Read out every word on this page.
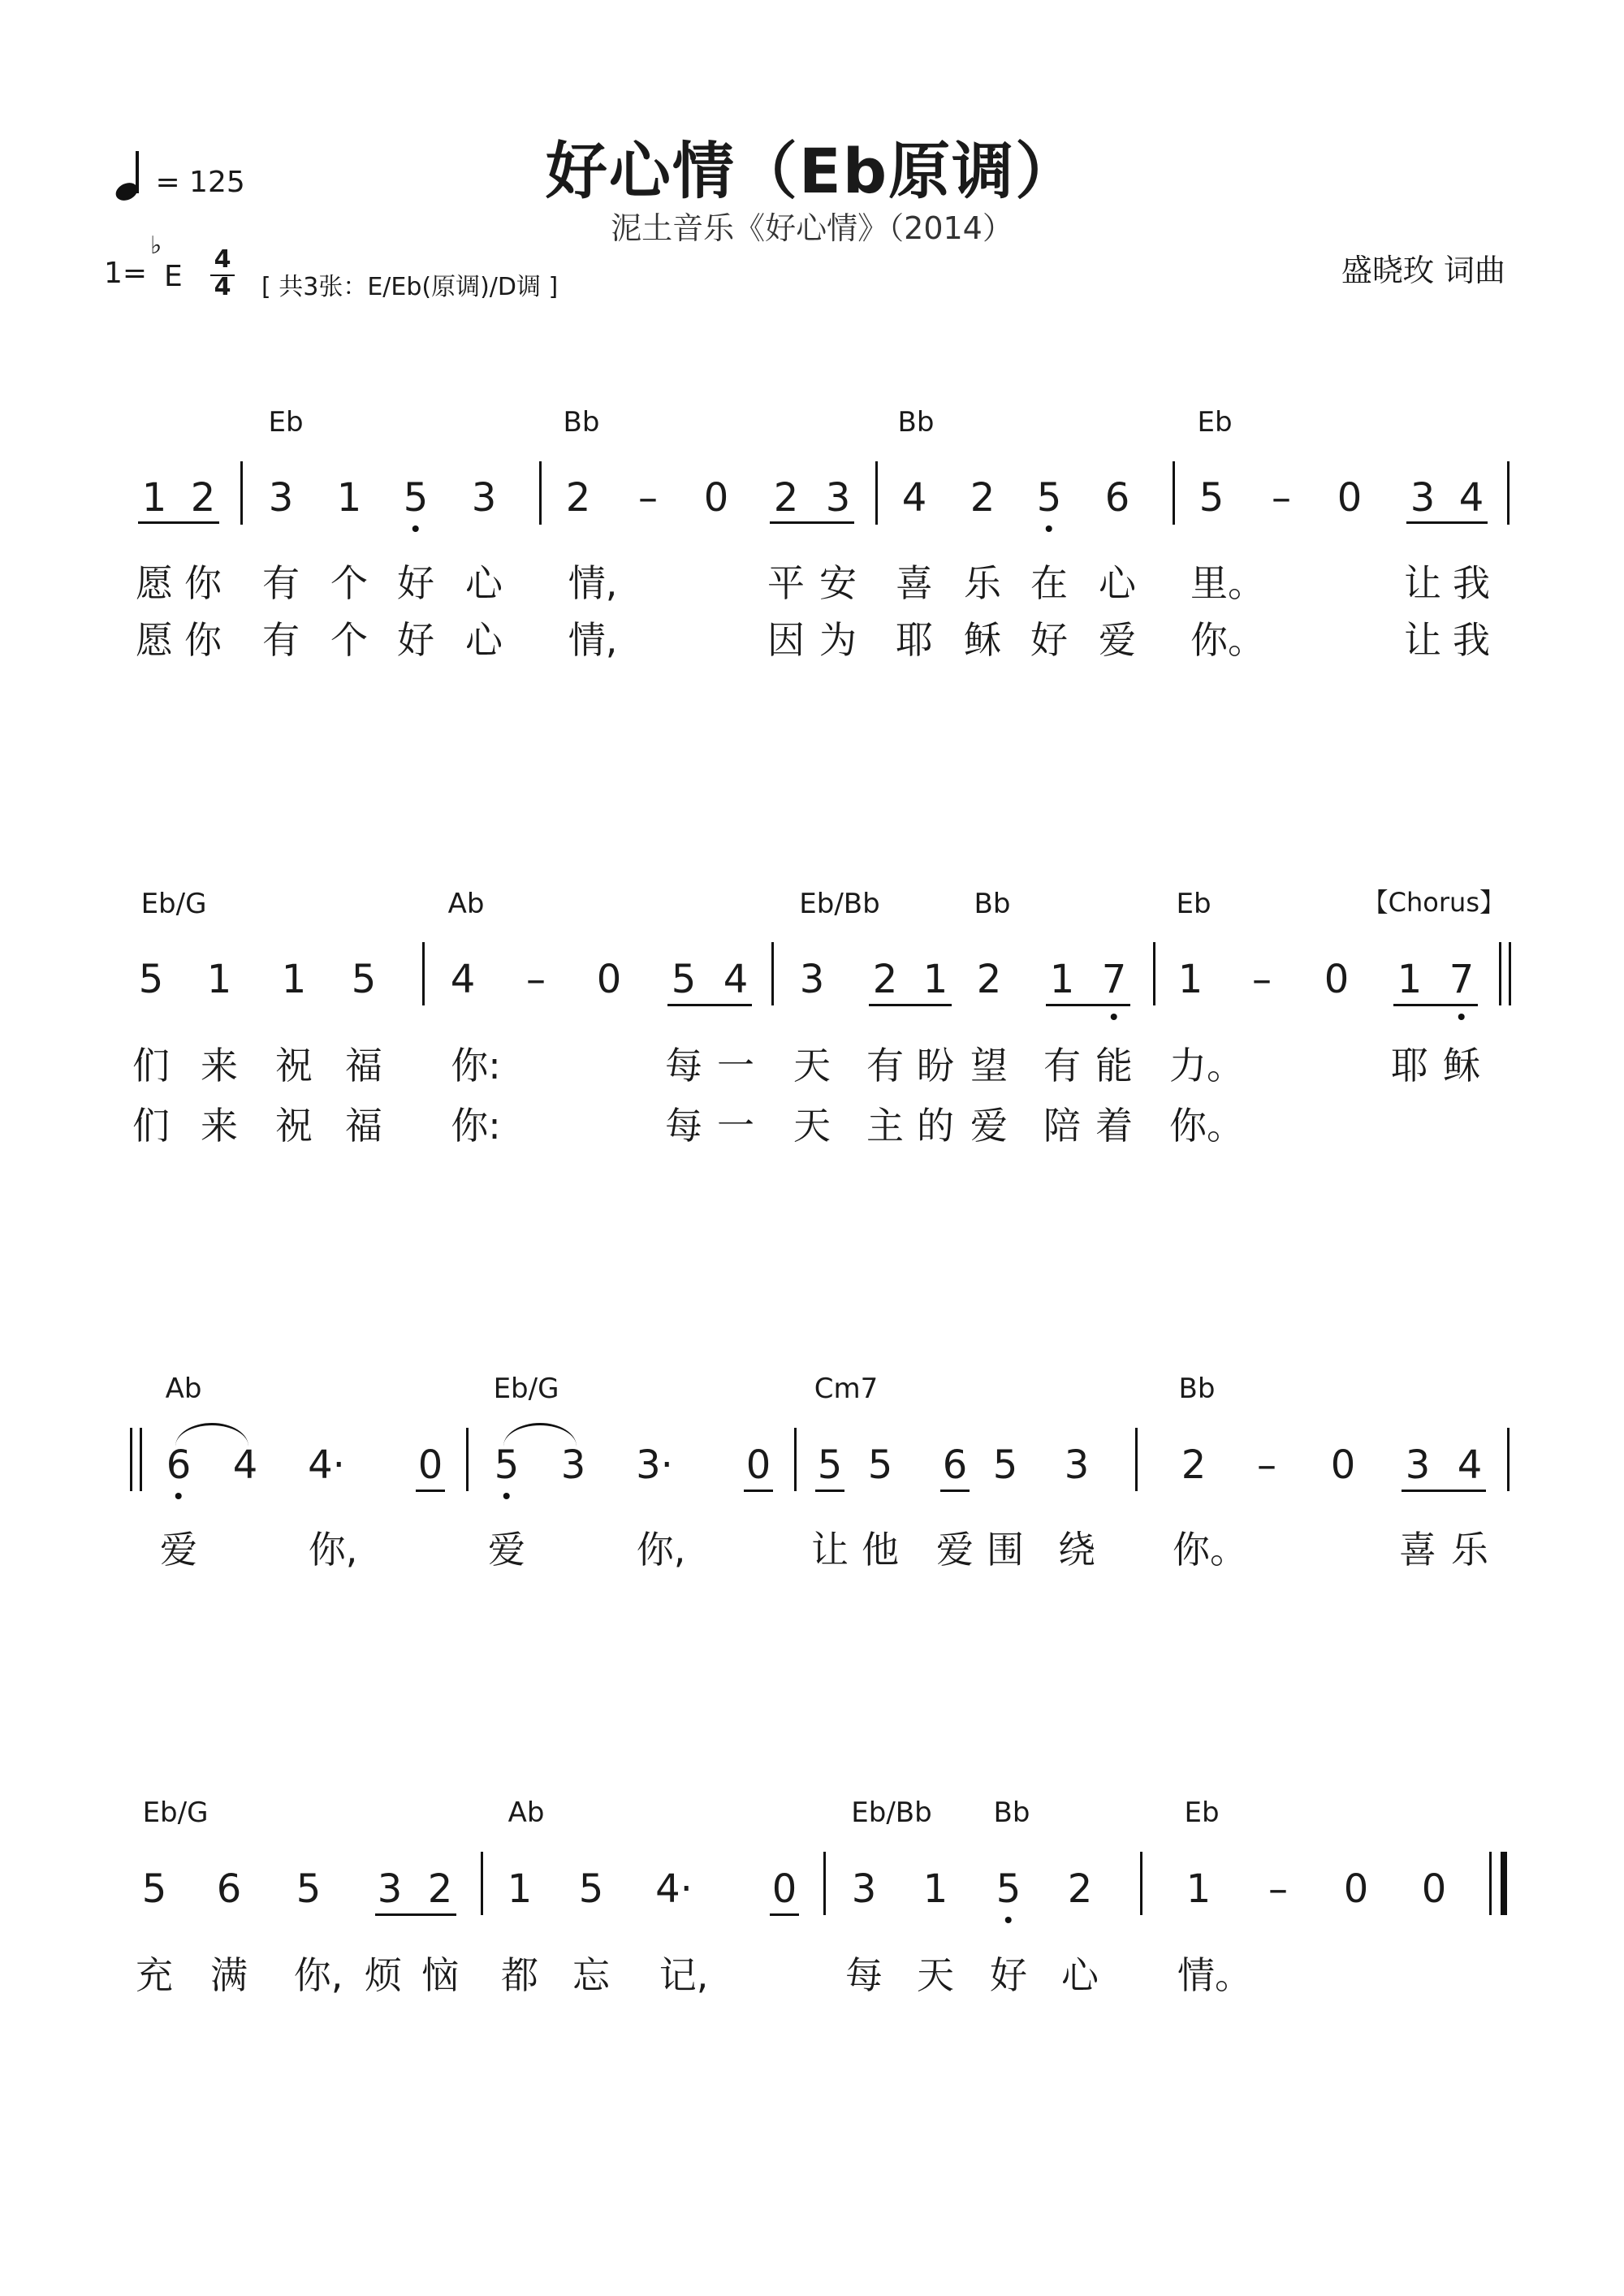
好心情（Eb原调）
泥土音乐《好心情》（2014）
= 125
1=
♭
E
4
4 [ 共3张：E/Eb(原调)/D调 ]	盛晓玫 词曲
【Chorus】
Eb	Bb	Bb	Eb
1 2 3 1 5 3 2 – 0 2 3 4 2 5 6 5 – 0 3 4
愿 你 有 个 好 心 情,	平 安 喜 乐 在 心 里。	让 我
愿 你 有 个 好 心 情,	因 为 耶 稣 好 爱 你。	让 我
Eb/G	Ab	Eb/Bb	Bb	Eb
5 1 1 5 4 – 0 5 4 3 2 1 2 1 7 1 – 0 1 7
们 来 祝 福 你:	每 一 天 有 盼 望 有 能 力。	耶 稣
们 来 祝 福 你:	每 一 天 主 的 爱 陪 着 你。
Ab	Eb/G	Cm7	Bb
6 4 4· 0 5 3 3· 0 5 5 6 5 3 2 – 0 3 4
爱	你,	爱	你,	让 他 爱 围 绕 你。	喜 乐
Eb/G	Ab	Eb/Bb Bb	Eb
5 6 5 3 2 1 5 4· 0 3 1 5 2 1 – 0 0
充 满 你, 烦 恼 都 忘 记,	每 天 好 心 情。
